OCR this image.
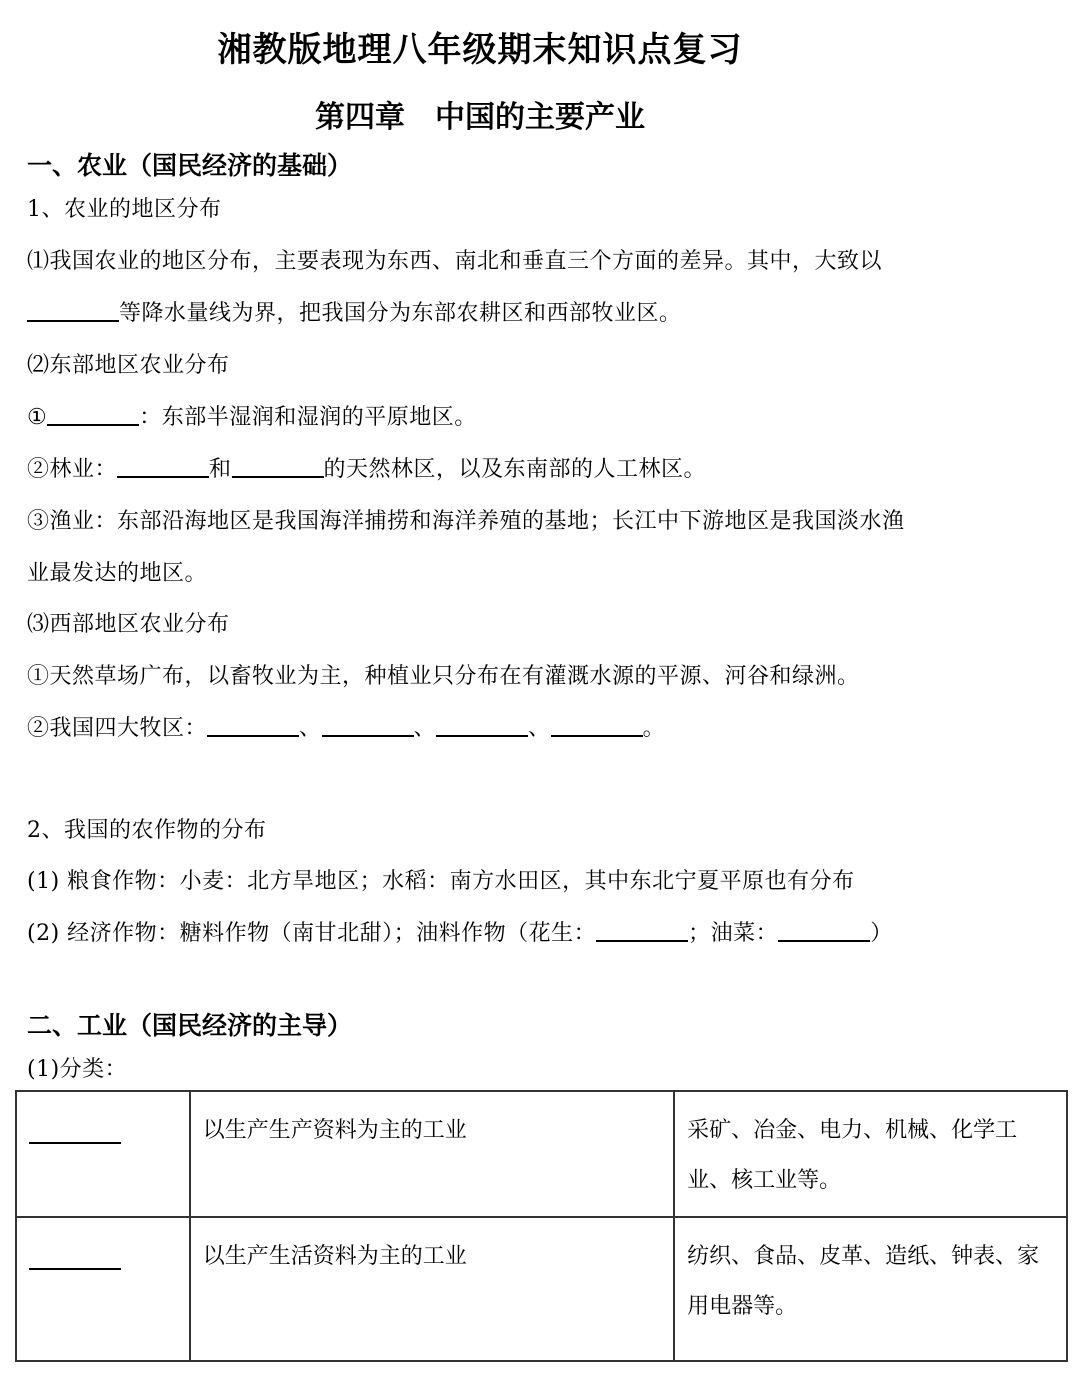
湘教版地理八年级期末知识点复习
第四章　中国的主要产业
一、农业（国民经济的基础）
1、农业的地区分布
⑴我国农业的地区分布，主要表现为东西、南北和垂直三个方面的差异。其中，大致以
等降水量线为界，把我国分为东部农耕区和西部牧业区。
⑵东部地区农业分布
①	：东部半湿润和湿润的平原地区。
②林业：	和	的天然林区，以及东南部的人工林区。
③渔业：东部沿海地区是我国海洋捕捞和海洋养殖的基地；长江中下游地区是我国淡水渔
业最发达的地区。
⑶西部地区农业分布
①天然草场广布，以畜牧业为主，种植业只分布在有灌溉水源的平源、河谷和绿洲。
②我国四大牧区：	、	、	、	。
2、我国的农作物的分布
(1) 粮食作物：小麦：北方旱地区；水稻：南方水田区，其中东北宁夏平原也有分布
(2) 经济作物：糖料作物（南甘北甜）；油料作物（花生：	；油菜：	）
二、工业（国民经济的主导）
(1)分类：
	以生产生产资料为主的工业	采矿、冶金、电力、机械、化学工业、核工业等。

	以生产生活资料为主的工业	纺织、食品、皮革、造纸、钟表、家用电器等。
